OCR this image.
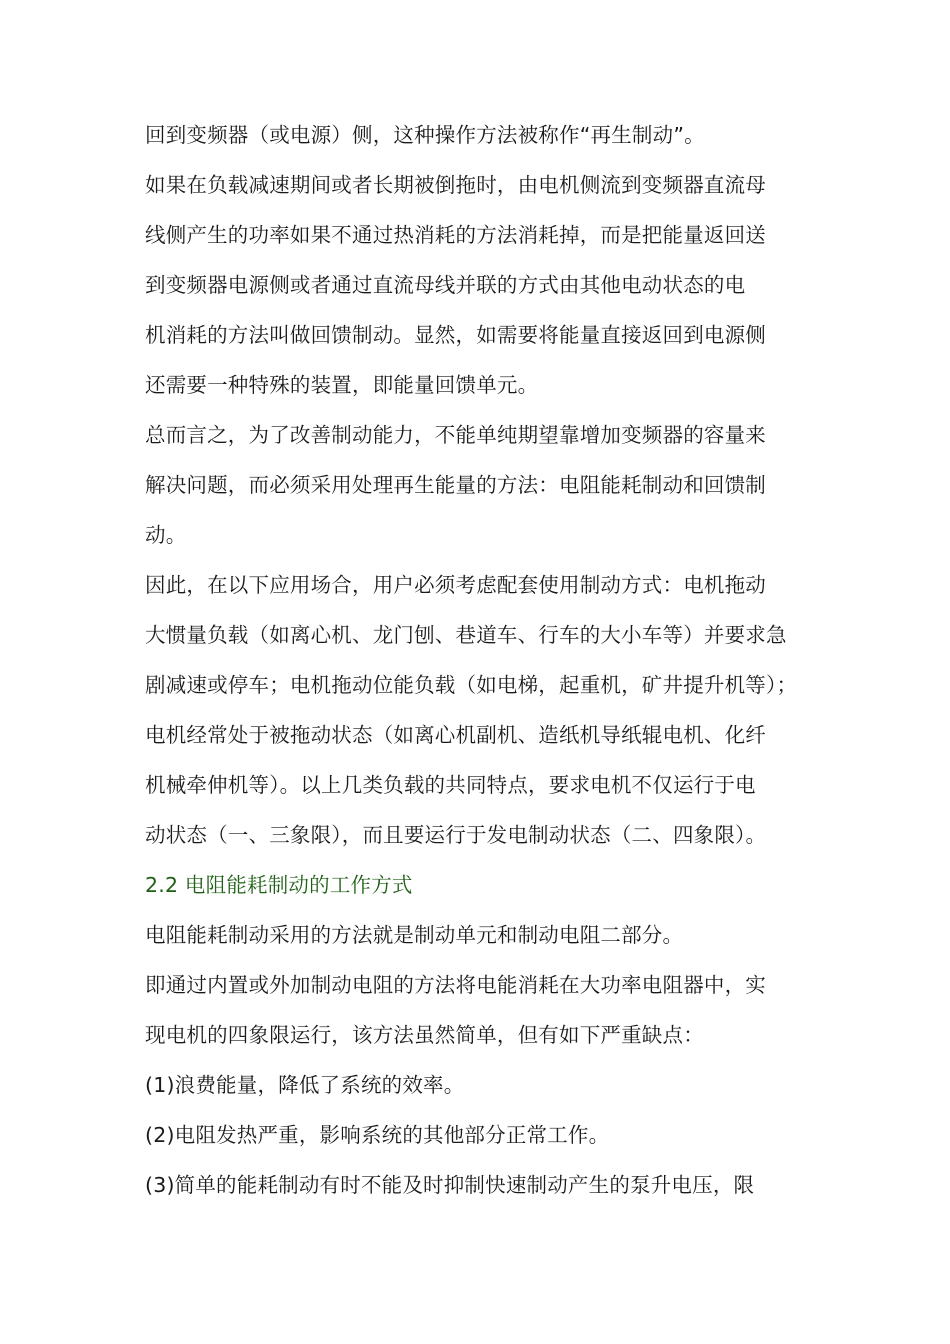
回到变频器（或电源）侧，这种操作方法被称作“再生制动”。
如果在负载减速期间或者长期被倒拖时，由电机侧流到变频器直流母
线侧产生的功率如果不通过热消耗的方法消耗掉，而是把能量返回送
到变频器电源侧或者通过直流母线并联的方式由其他电动状态的电
机消耗的方法叫做回馈制动。显然，如需要将能量直接返回到电源侧
还需要一种特殊的装置，即能量回馈单元。
总而言之，为了改善制动能力，不能单纯期望靠增加变频器的容量来
解决问题，而必须采用处理再生能量的方法：电阻能耗制动和回馈制
动。
因此，在以下应用场合，用户必须考虑配套使用制动方式：电机拖动
大惯量负载（如离心机、龙门刨、巷道车、行车的大小车等）并要求急
剧减速或停车；电机拖动位能负载（如电梯，起重机，矿井提升机等）；
电机经常处于被拖动状态（如离心机副机、造纸机导纸辊电机、化纤
机械牵伸机等）。以上几类负载的共同特点，要求电机不仅运行于电
动状态（一、三象限），而且要运行于发电制动状态（二、四象限）。
2.2 电阻能耗制动的工作方式
电阻能耗制动采用的方法就是制动单元和制动电阻二部分。
即通过内置或外加制动电阻的方法将电能消耗在大功率电阻器中，实
现电机的四象限运行，该方法虽然简单，但有如下严重缺点：
(1)浪费能量，降低了系统的效率。
(2)电阻发热严重，影响系统的其他部分正常工作。
(3)简单的能耗制动有时不能及时抑制快速制动产生的泵升电压，限
